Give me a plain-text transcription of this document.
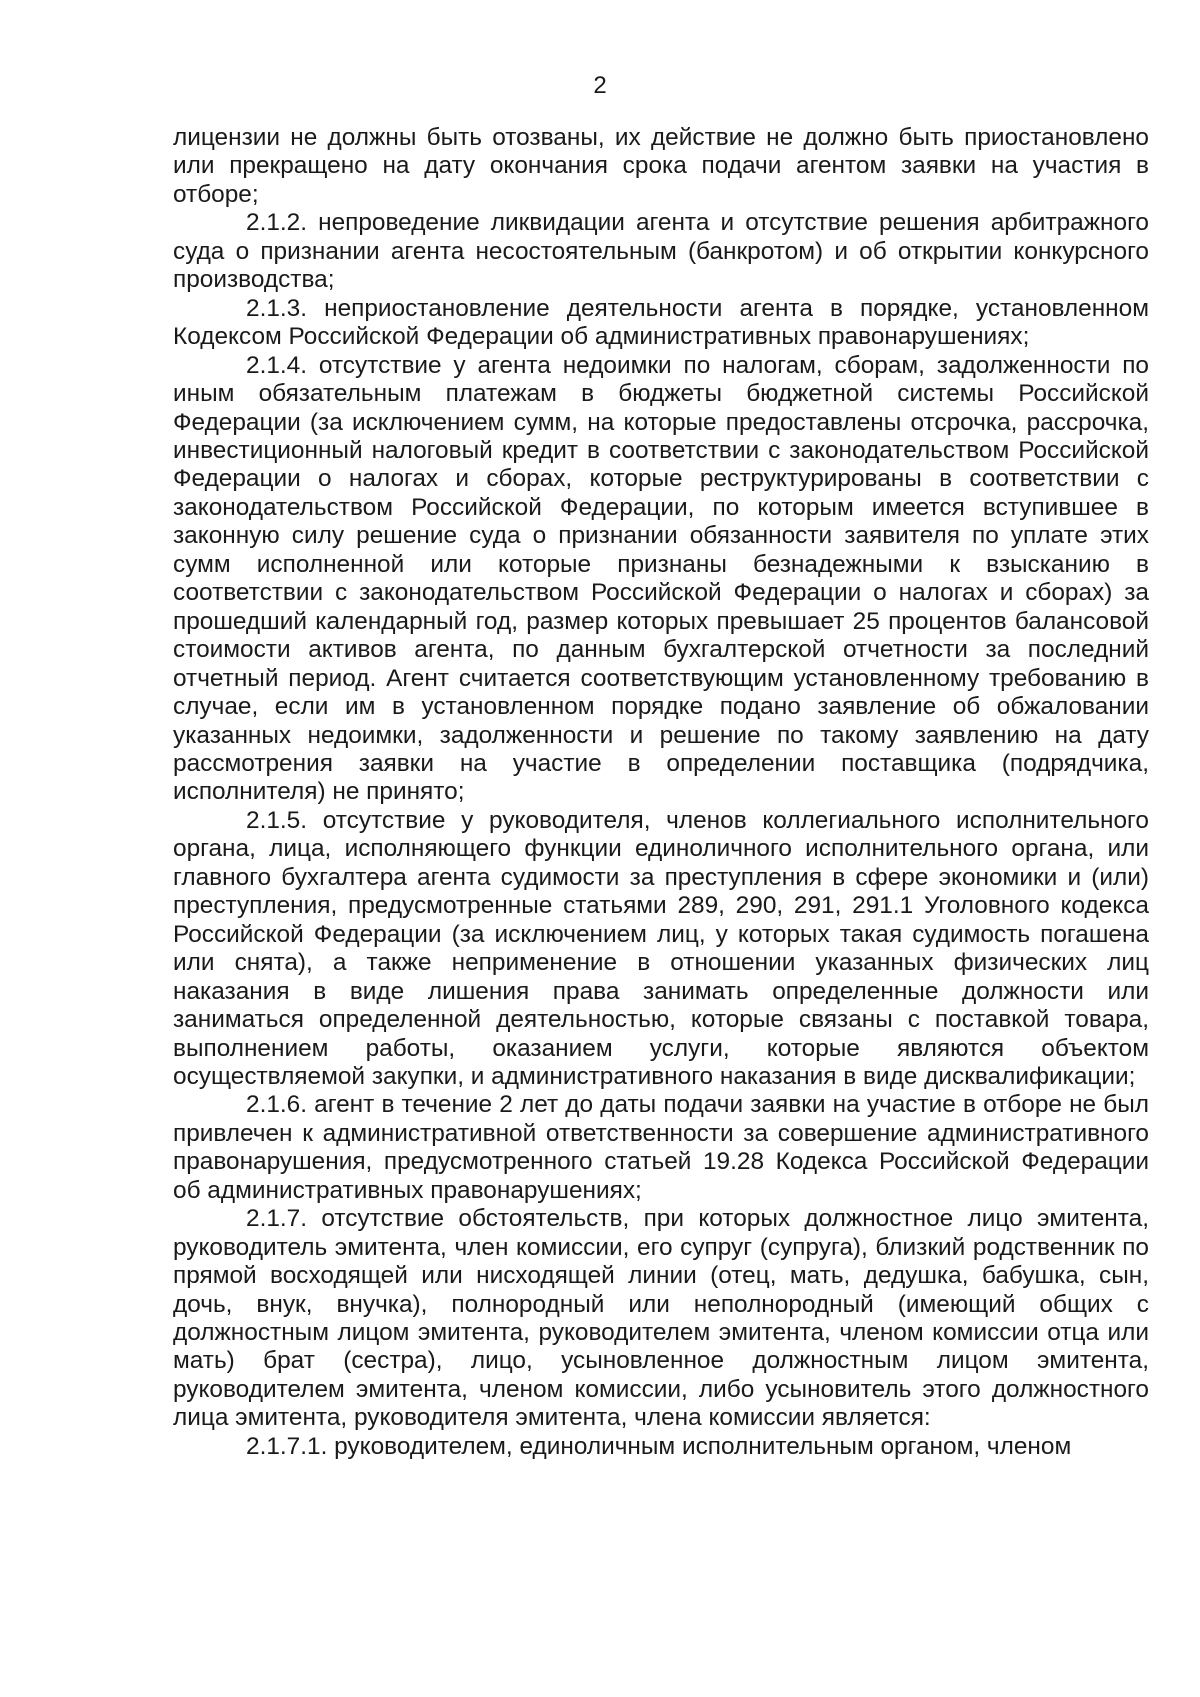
2

лицензии не должны быть отозваны, их действие не должно быть приостановлено или прекращено на дату окончания срока подачи агентом заявки на участия в отборе;

2.1.2. непроведение ликвидации агента и отсутствие решения арбитражного суда о признании агента несостоятельным (банкротом) и об открытии конкурсного производства;

2.1.3. неприостановление деятельности агента в порядке, установленном Кодексом Российской Федерации об административных правонарушениях;

2.1.4. отсутствие у агента недоимки по налогам, сборам, задолженности по иным обязательным платежам в бюджеты бюджетной системы Российской Федерации (за исключением сумм, на которые предоставлены отсрочка, рассрочка, инвестиционный налоговый кредит в соответствии с законодательством Российской Федерации о налогах и сборах, которые реструктурированы в соответствии с законодательством Российской Федерации, по которым имеется вступившее в законную силу решение суда о признании обязанности заявителя по уплате этих сумм исполненной или которые признаны безнадежными к взысканию в соответствии с законодательством Российской Федерации о налогах и сборах) за прошедший календарный год, размер которых превышает 25 процентов балансовой стоимости активов агента, по данным бухгалтерской отчетности за последний отчетный период. Агент считается соответствующим установленному требованию в случае, если им в установленном порядке подано заявление об обжаловании указанных недоимки, задолженности и решение по такому заявлению на дату рассмотрения заявки на участие в определении поставщика (подрядчика, исполнителя) не принято;

2.1.5. отсутствие у руководителя, членов коллегиального исполнительного органа, лица, исполняющего функции единоличного исполнительного органа, или главного бухгалтера агента судимости за преступления в сфере экономики и (или) преступления, предусмотренные статьями 289, 290, 291, 291.1 Уголовного кодекса Российской Федерации (за исключением лиц, у которых такая судимость погашена или снята), а также неприменение в отношении указанных физических лиц наказания в виде лишения права занимать определенные должности или заниматься определенной деятельностью, которые связаны с поставкой товара, выполнением работы, оказанием услуги, которые являются объектом осуществляемой закупки, и административного наказания в виде дисквалификации;

2.1.6. агент в течение 2 лет до даты подачи заявки на участие в отборе не был привлечен к административной ответственности за совершение административного правонарушения, предусмотренного статьей 19.28 Кодекса Российской Федерации об административных правонарушениях;

2.1.7. отсутствие обстоятельств, при которых должностное лицо эмитента, руководитель эмитента, член комиссии, его супруг (супруга), близкий родственник по прямой восходящей или нисходящей линии (отец, мать, дедушка, бабушка, сын, дочь, внук, внучка), полнородный или неполнородный (имеющий общих с должностным лицом эмитента, руководителем эмитента, членом комиссии отца или мать) брат (сестра), лицо, усыновленное должностным лицом эмитента, руководителем эмитента, членом комиссии, либо усыновитель этого должностного лица эмитента, руководителя эмитента, члена комиссии является:

2.1.7.1. руководителем, единоличным исполнительным органом, членом
